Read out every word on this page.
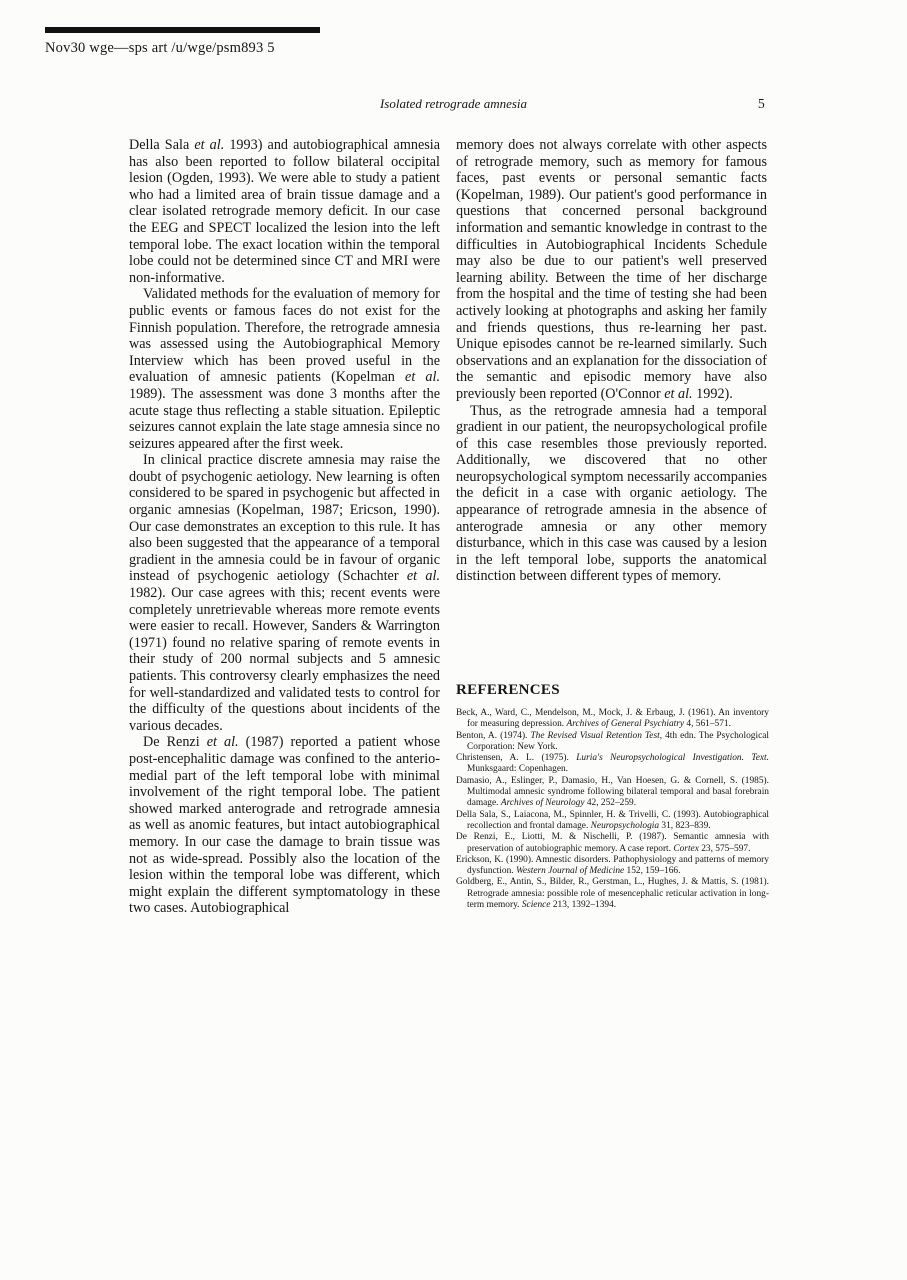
Nov30 wge—sps art /u/wge/psm893 5
Isolated retrograde amnesia	5

Della Sala et al. 1993) and autobiographical amnesia has also been reported to follow bilateral occipital lesion (Ogden, 1993). We were able to study a patient who had a limited area of brain tissue damage and a clear isolated retrograde memory deficit. In our case the EEG and SPECT localized the lesion into the left temporal lobe. The exact location within the temporal lobe could not be determined since CT and MRI were non-informative.

Validated methods for the evaluation of memory for public events or famous faces do not exist for the Finnish population. Therefore, the retrograde amnesia was assessed using the Autobiographical Memory Interview which has been proved useful in the evaluation of amnesic patients (Kopelman et al. 1989). The assessment was done 3 months after the acute stage thus reflecting a stable situation. Epileptic seizures cannot explain the late stage amnesia since no seizures appeared after the first week.

In clinical practice discrete amnesia may raise the doubt of psychogenic aetiology. New learning is often considered to be spared in psychogenic but affected in organic amnesias (Kopelman, 1987; Ericson, 1990). Our case demonstrates an exception to this rule. It has also been suggested that the appearance of a temporal gradient in the amnesia could be in favour of organic instead of psychogenic aetiology (Schachter et al. 1982). Our case agrees with this; recent events were completely unretrievable whereas more remote events were easier to recall. However, Sanders & Warrington (1971) found no relative sparing of remote events in their study of 200 normal subjects and 5 amnesic patients. This controversy clearly emphasizes the need for well-standardized and validated tests to control for the difficulty of the questions about incidents of the various decades.

De Renzi et al. (1987) reported a patient whose post-encephalitic damage was confined to the anterio-medial part of the left temporal lobe with minimal involvement of the right temporal lobe. The patient showed marked anterograde and retrograde amnesia as well as anomic features, but intact autobiographical memory. In our case the damage to brain tissue was not as wide-spread. Possibly also the location of the lesion within the temporal lobe was different, which might explain the different symptomatology in these two cases. Autobiographical

memory does not always correlate with other aspects of retrograde memory, such as memory for famous faces, past events or personal semantic facts (Kopelman, 1989). Our patient's good performance in questions that concerned personal background information and semantic knowledge in contrast to the difficulties in Autobiographical Incidents Schedule may also be due to our patient's well preserved learning ability. Between the time of her discharge from the hospital and the time of testing she had been actively looking at photographs and asking her family and friends questions, thus re-learning her past. Unique episodes cannot be re-learned similarly. Such observations and an explanation for the dissociation of the semantic and episodic memory have also previously been reported (O'Connor et al. 1992).

Thus, as the retrograde amnesia had a temporal gradient in our patient, the neuropsychological profile of this case resembles those previously reported. Additionally, we discovered that no other neuropsychological symptom necessarily accompanies the deficit in a case with organic aetiology. The appearance of retrograde amnesia in the absence of anterograde amnesia or any other memory disturbance, which in this case was caused by a lesion in the left temporal lobe, supports the anatomical distinction between different types of memory.

REFERENCES

Beck, A., Ward, C., Mendelson, M., Mock, J. & Erbaug, J. (1961). An inventory for measuring depression. Archives of General Psychiatry 4, 561–571.

Benton, A. (1974). The Revised Visual Retention Test, 4th edn. The Psychological Corporation: New York.

Christensen, A. L. (1975). Luria's Neuropsychological Investigation. Text. Munksgaard: Copenhagen.

Damasio, A., Eslinger, P., Damasio, H., Van Hoesen, G. & Cornell, S. (1985). Multimodal amnesic syndrome following bilateral temporal and basal forebrain damage. Archives of Neurology 42, 252–259.

Della Sala, S., Laiacona, M., Spinnler, H. & Trivelli, C. (1993). Autobiographical recollection and frontal damage. Neuropsychologia 31, 823–839.

De Renzi, E., Liotti, M. & Nischelli, P. (1987). Semantic amnesia with preservation of autobiographic memory. A case report. Cortex 23, 575–597.

Erickson, K. (1990). Amnestic disorders. Pathophysiology and patterns of memory dysfunction. Western Journal of Medicine 152, 159–166.

Goldberg, E., Antin, S., Bilder, R., Gerstman, L., Hughes, J. & Mattis, S. (1981). Retrograde amnesia: possible role of mesencephalic reticular activation in long-term memory. Science 213, 1392–1394.
